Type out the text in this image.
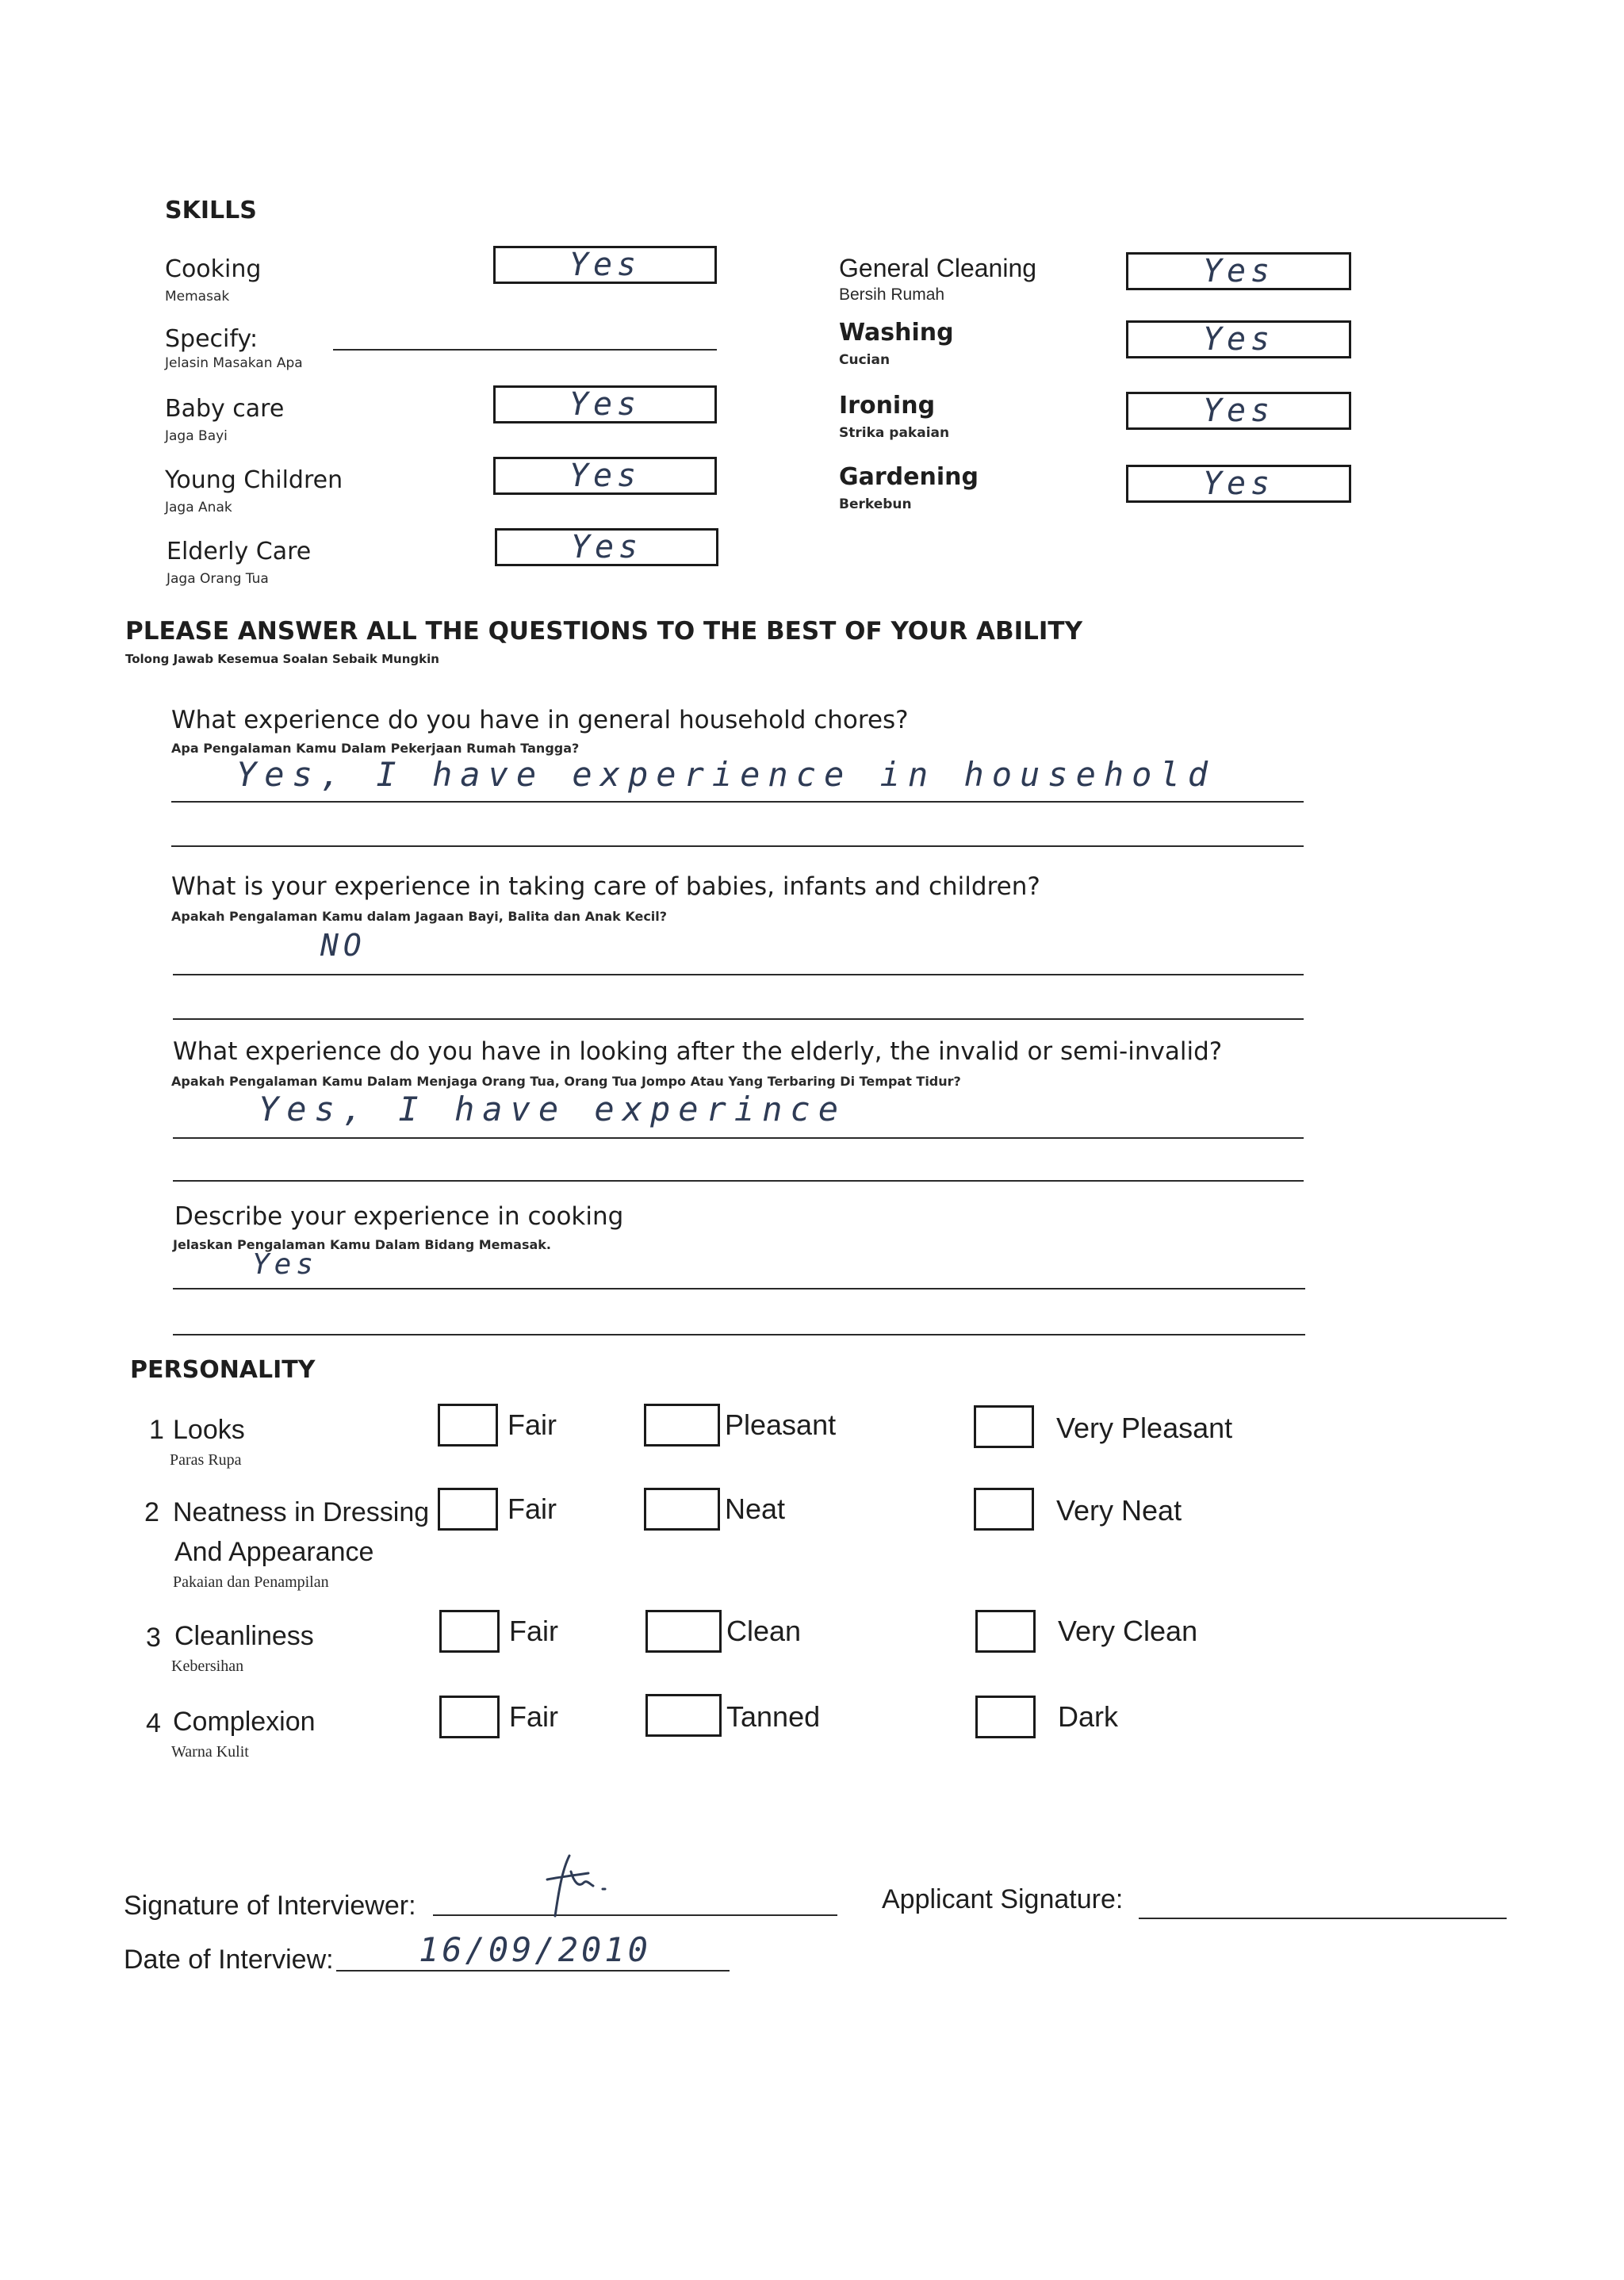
SKILLS
Cooking
Memasak
Yes
Specify:
Jelasin Masakan Apa
Baby care
Jaga Bayi
Yes
Young Children
Jaga Anak
Yes
Elderly Care
Jaga Orang Tua
Yes
General Cleaning
Bersih Rumah
Yes
Washing
Cucian
Yes
Ironing
Strika pakaian
Yes
Gardening
Berkebun
Yes
PLEASE ANSWER ALL THE QUESTIONS TO THE BEST OF YOUR ABILITY
Tolong Jawab Kesemua Soalan Sebaik Mungkin
What experience do you have in general household chores?
Apa Pengalaman Kamu Dalam Pekerjaan Rumah Tangga?
Yes, I have experience in household
What is your experience in taking care of babies, infants and children?
Apakah Pengalaman Kamu dalam Jagaan Bayi, Balita dan Anak Kecil?
NO
What experience do you have in looking after the elderly, the invalid or semi-invalid?
Apakah Pengalaman Kamu Dalam Menjaga Orang Tua, Orang Tua Jompo Atau Yang Terbaring Di Tempat Tidur?
Yes, I have experince
Describe your experience in cooking
Jelaskan Pengalaman Kamu Dalam Bidang Memasak.
Yes
PERSONALITY
1 Looks
Paras Rupa
Fair	Pleasant	Very Pleasant
2 Neatness in Dressing
And Appearance
Pakaian dan Penampilan
Fair	Neat	Very Neat
3 Cleanliness
Kebersihan
Fair	Clean	Very Clean
4 Complexion
Warna Kulit
Fair	Tanned	Dark
Signature of Interviewer:	Applicant Signature:
Date of Interview:	16/09/2010
